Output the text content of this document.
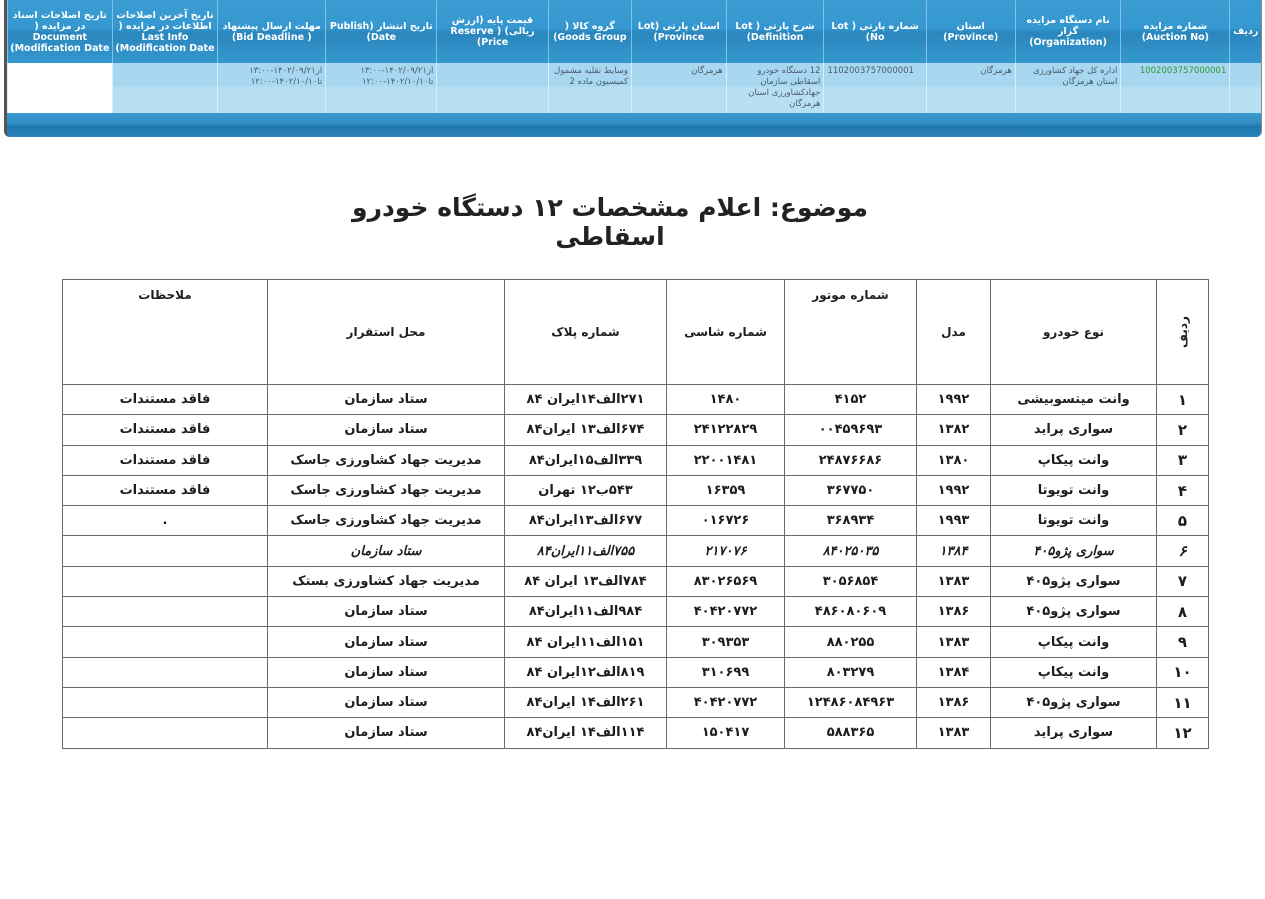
ردیف	شماره مزایده (Auction No)	نام دستگاه مزایده گزار (Organization)	استان (Province)	شماره پارتی ( Lot No)	شرح پارتی ( Lot Definition)	استان پارتی (Lot Province)	گروه کالا ( Goods Group)	قیمت پایه (ارزش ریالی) ( Reserve Price)	تاریخ انتشار (Publish Date)	مهلت ارسال پیشنهاد ( Bid Deadline)	تاریخ آخرین اصلاحات اطلاعات در مزایده ( Last Info Modification Date)	تاریخ اصلاحات اسناد در مزایده ( Document Modification Date)
	1002003757000001	اداره کل جهاد کشاورزی استان هرمزگان	هرمزگان	1102003757000001	12 دستگاه خودرو اسقاطی سازمان جهادکشاورزی استان هرمزگان	هرمزگان	وسایط نقلیه مشمول کمیسیون ماده 2		از۱۴۰۲/۰۹/۲۱-۱۳:۰۰ تا۱۴۰۲/۱۰/۱۰-۱۲:۰۰	از۱۴۰۲/۰۹/۲۱-۱۳:۰۰ تا۱۴۰۲/۱۰/۱۰-۱۲:۰۰		
موضوع: اعلام مشخصات ۱۲ دستگاه خودرو اسقاطی
ردیف	نوع خودرو	مدل	شماره موتور	شماره شاسی	شماره پلاک	محل استقرار	ملاحظات
۱	وانت میتسوبیشی	۱۹۹۲	۴۱۵۲	۱۴۸۰	۲۷۱الف۱۴ایران ۸۴	ستاد سازمان	فاقد مستندات
۲	سواری پراید	۱۳۸۲	۰۰۴۵۹۶۹۳	۲۴۱۲۲۸۲۹	۶۷۴الف۱۳ ایران۸۴	ستاد سازمان	فاقد مستندات
۳	وانت پیکاپ	۱۳۸۰	۲۴۸۷۶۶۸۶	۲۲۰۰۱۴۸۱	۳۳۹الف۱۵ایران۸۴	مدیریت جهاد کشاورزی جاسک	فاقد مستندات
۴	وانت تویوتا	۱۹۹۲	۳۶۷۷۵۰	۱۶۳۵۹	۵۴۳ب۱۲ تهران	مدیریت جهاد کشاورزی جاسک	فاقد مستندات
۵	وانت تویوتا	۱۹۹۳	۳۶۸۹۳۴	۰۱۶۷۲۶	۶۷۷الف۱۳ایران۸۴	مدیریت جهاد کشاورزی جاسک	.
۶	سواری پژو۴۰۵	۱۳۸۴	۸۴۰۲۵۰۳۵	۲۱۷۰۷۶	۷۵۵الف۱۱ایران۸۴	ستاد سازمان	
۷	سواری پژو۴۰۵	۱۳۸۳	۳۰۵۶۸۵۴	۸۳۰۲۶۵۶۹	۷۸۴الف۱۳ ایران ۸۴	مدیریت جهاد کشاورزی بستک	
۸	سواری پژو۴۰۵	۱۳۸۶	۴۸۶۰۸۰۶۰۹	۴۰۴۲۰۷۷۲	۹۸۴الف۱۱ایران۸۴	ستاد سازمان	
۹	وانت پیکاپ	۱۳۸۳	۸۸۰۲۵۵	۳۰۹۳۵۳	۱۵۱الف۱۱ایران ۸۴	ستاد سازمان	
۱۰	وانت پیکاپ	۱۳۸۴	۸۰۳۲۷۹	۳۱۰۶۹۹	۸۱۹الف۱۲ایران ۸۴	ستاد سازمان	
۱۱	سواری پژو۴۰۵	۱۳۸۶	۱۲۴۸۶۰۸۴۹۶۳	۴۰۴۲۰۷۷۲	۲۶۱الف۱۴ ایران۸۴	ستاد سازمان	
۱۲	سواری پراید	۱۳۸۳	۵۸۸۳۶۵	۱۵۰۴۱۷	۱۱۴الف۱۴ ایران۸۴	ستاد سازمان	
